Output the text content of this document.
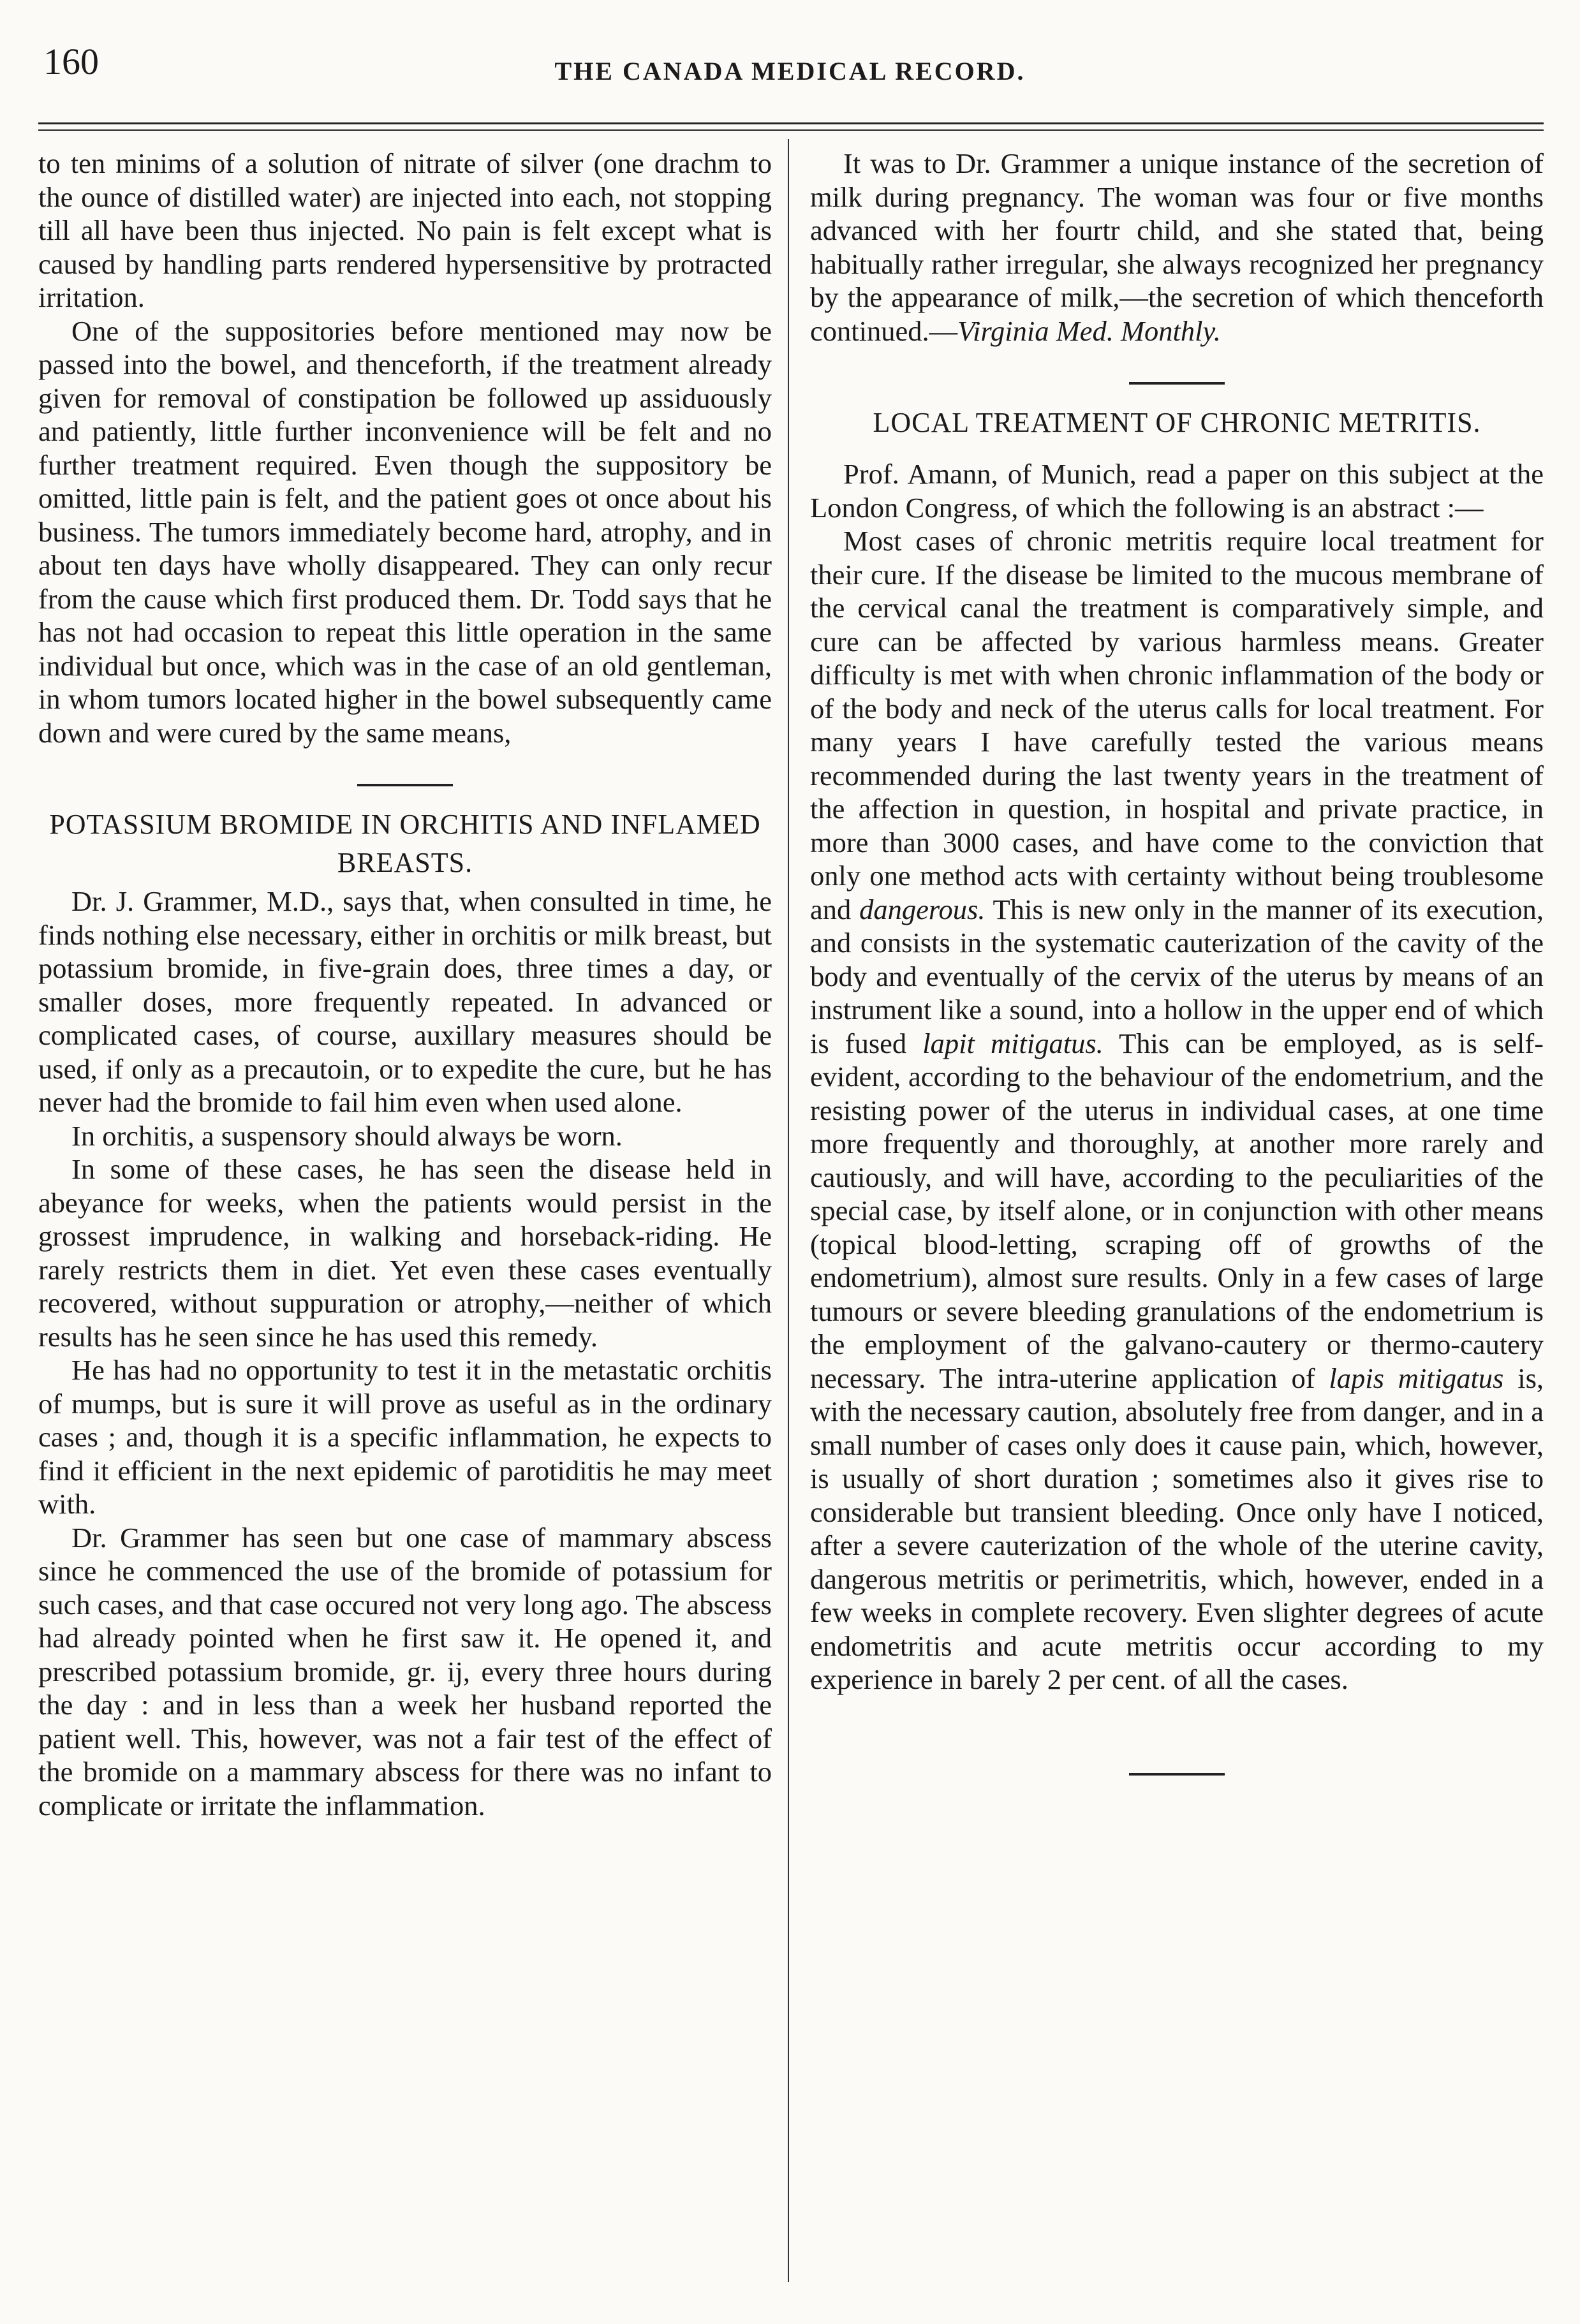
160	THE CANADA MEDICAL RECORD.

to ten minims of a solution of nitrate of silver (one drachm to the ounce of distilled water) are injected into each, not stopping till all have been thus injected. No pain is felt except what is caused by handling parts rendered hypersensitive by protracted irritation.

One of the suppositories before mentioned may now be passed into the bowel, and thenceforth, if the treatment already given for removal of constipation be followed up assiduously and patiently, little further inconvenience will be felt and no further treatment required. Even though the suppository be omitted, little pain is felt, and the patient goes ot once about his business. The tumors immediately become hard, atrophy, and in about ten days have wholly disappeared. They can only recur from the cause which first produced them. Dr. Todd says that he has not had occasion to repeat this little operation in the same individual but once, which was in the case of an old gentleman, in whom tumors located higher in the bowel subsequently came down and were cured by the same means,

POTASSIUM BROMIDE IN ORCHITIS AND INFLAMED BREASTS.

Dr. J. Grammer, M.D., says that, when consulted in time, he finds nothing else necessary, either in orchitis or milk breast, but potassium bromide, in five-grain does, three times a day, or smaller doses, more frequently repeated. In advanced or complicated cases, of course, auxillary measures should be used, if only as a precautoin, or to expedite the cure, but he has never had the bromide to fail him even when used alone.

In orchitis, a suspensory should always be worn.

In some of these cases, he has seen the disease held in abeyance for weeks, when the patients would persist in the grossest imprudence, in walking and horseback-riding. He rarely restricts them in diet. Yet even these cases eventually recovered, without suppuration or atrophy,—neither of which results has he seen since he has used this remedy.

He has had no opportunity to test it in the metastatic orchitis of mumps, but is sure it will prove as useful as in the ordinary cases ; and, though it is a specific inflammation, he expects to find it efficient in the next epidemic of parotiditis he may meet with.

Dr. Grammer has seen but one case of mammary abscess since he commenced the use of the bromide of potassium for such cases, and that case occured not very long ago. The abscess had already pointed when he first saw it. He opened it, and prescribed potassium bromide, gr. ij, every three hours during the day : and in less than a week her husband reported the patient well. This, however, was not a fair test of the effect of the bromide on a mammary abscess for there was no infant to complicate or irritate the inflammation.

It was to Dr. Grammer a unique instance of the secretion of milk during pregnancy. The woman was four or five months advanced with her fourtr child, and she stated that, being habitually rather irregular, she always recognized her pregnancy by the appearance of milk,—the secretion of which thenceforth continued.—Virginia Med. Monthly.

LOCAL TREATMENT OF CHRONIC METRITIS.

Prof. Amann, of Munich, read a paper on this subject at the London Congress, of which the following is an abstract :—

Most cases of chronic metritis require local treatment for their cure. If the disease be limited to the mucous membrane of the cervical canal the treatment is comparatively simple, and cure can be affected by various harmless means. Greater difficulty is met with when chronic inflammation of the body or of the body and neck of the uterus calls for local treatment. For many years I have carefully tested the various means recommended during the last twenty years in the treatment of the affection in question, in hospital and private practice, in more than 3000 cases, and have come to the conviction that only one method acts with certainty without being troublesome and dangerous. This is new only in the manner of its execution, and consists in the systematic cauterization of the cavity of the body and eventually of the cervix of the uterus by means of an instrument like a sound, into a hollow in the upper end of which is fused lapit mitigatus. This can be employed, as is self-evident, according to the behaviour of the endometrium, and the resisting power of the uterus in individual cases, at one time more frequently and thoroughly, at another more rarely and cautiously, and will have, according to the peculiarities of the special case, by itself alone, or in conjunction with other means (topical blood-letting, scraping off of growths of the endometrium), almost sure results. Only in a few cases of large tumours or severe bleeding granulations of the endometrium is the employment of the galvano-cautery or thermo-cautery necessary. The intra-uterine application of lapis mitigatus is, with the necessary caution, absolutely free from danger, and in a small number of cases only does it cause pain, which, however, is usually of short duration ; sometimes also it gives rise to considerable but transient bleeding. Once only have I noticed, after a severe cauterization of the whole of the uterine cavity, dangerous metritis or perimetritis, which, however, ended in a few weeks in complete recovery. Even slighter degrees of acute endometritis and acute metritis occur according to my experience in barely 2 per cent. of all the cases.
